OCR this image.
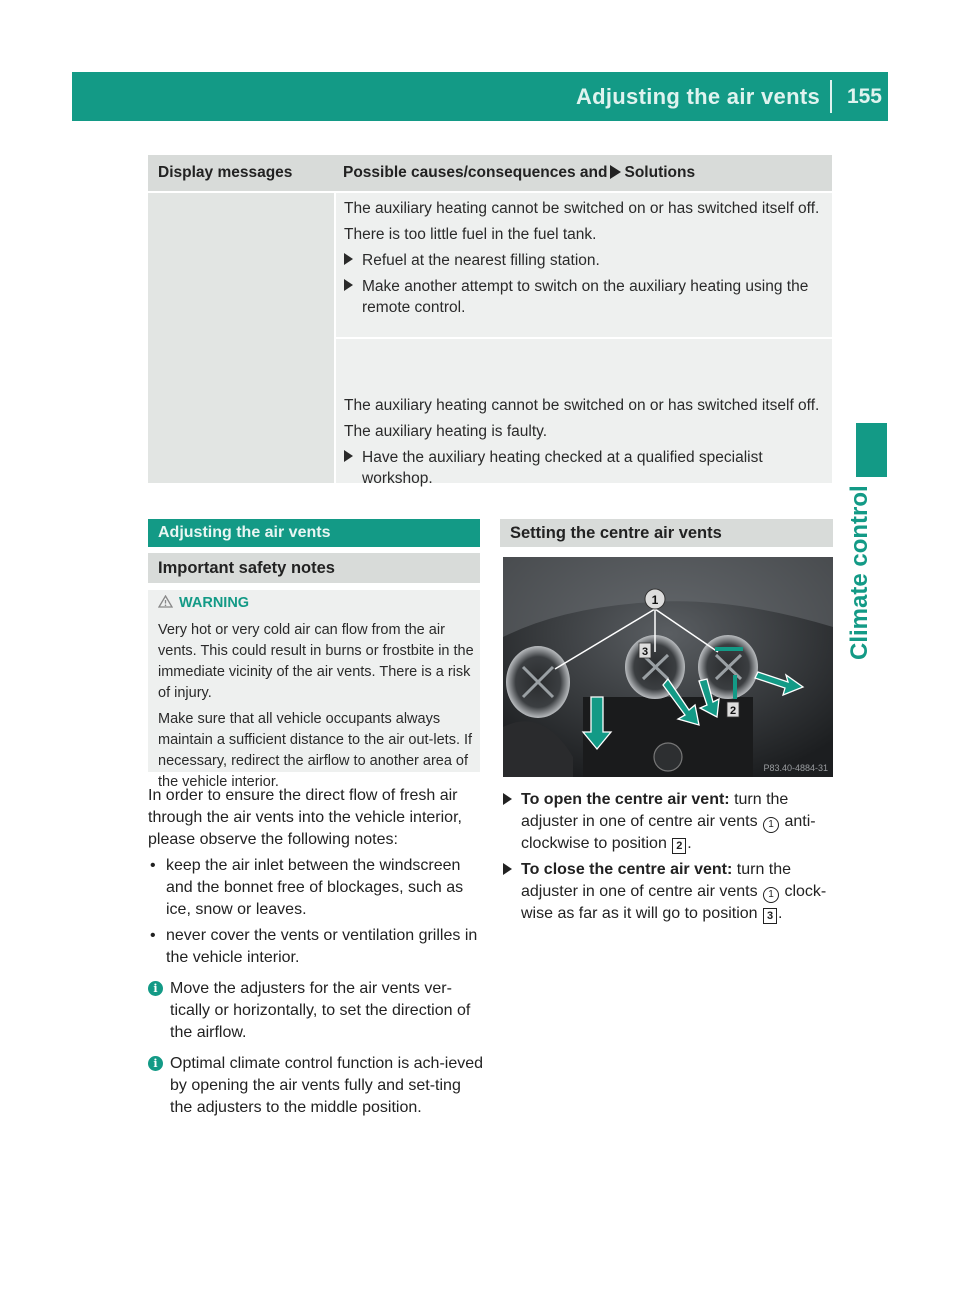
Adjusting the air vents 155
Climate control
Display messages	Possible causes/consequences and Solutions

The auxiliary heating cannot be switched on or has switched itself off.

There is too little fuel in the fuel tank.

Refuel at the nearest filling station.

Make another attempt to switch on the auxiliary heating using the remote control.

The auxiliary heating cannot be switched on or has switched itself off.

The auxiliary heating is faulty.

Have the auxiliary heating checked at a qualified specialist workshop.

Adjusting the air vents
Important safety notes
WARNING

Very hot or very cold air can flow from the air vents. This could result in burns or frostbite in the immediate vicinity of the air vents. There is a risk of injury.

Make sure that all vehicle occupants always maintain a sufficient distance to the air out-lets. If necessary, redirect the airflow to another area of the vehicle interior.

In order to ensure the direct flow of fresh air through the air vents into the vehicle interior, please observe the following notes:

• keep the air inlet between the windscreen and the bonnet free of blockages, such as ice, snow or leaves.

• never cover the vents or ventilation grilles in the vehicle interior.

i Move the adjusters for the air vents ver-tically or horizontally, to set the direction of the airflow.

i Optimal climate control function is ach-ieved by opening the air vents fully and set-ting the adjusters to the middle position.

Setting the centre air vents
1
2
3
P83.40-4884-31

To open the centre air vent: turn the adjuster in one of centre air vents 1 anti-clockwise to position 2 .

To close the centre air vent: turn the adjuster in one of centre air vents 1 clock-wise as far as it will go to position 3 .
